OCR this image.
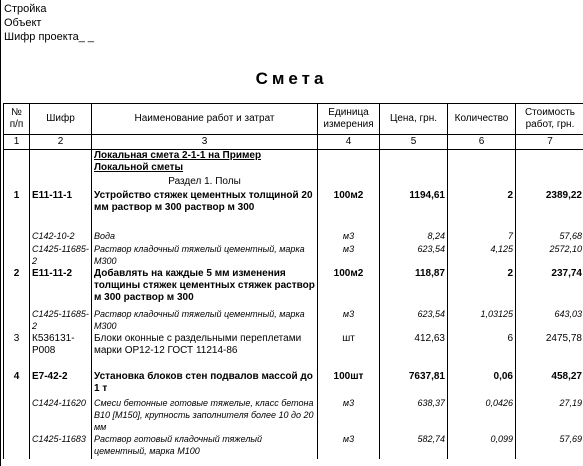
Стройка
Объект
Шифр проекта_ _
Смета
№ п/п	Шифр	Наименование работ и затрат	Единица измерения	Цена, грн.	Количество	Стоимость работ, грн.
1	2	3	4	5	6	7
		Локальная смета 2-1-1 на Пример Локальной сметы				
		Раздел 1. Полы				
1	Е11-11-1	Устройство стяжек цементных толщиной 20 мм раствор м 300 раствор м 300	100м2	1194,61	2	2389,22
	С142-10-2	Вода	м3	8,24	7	57,68
	С1425-11685-2	Раствор кладочный тяжелый цементный, марка М300	м3	623,54	4,125	2572,10
2	Е11-11-2	Добавлять на каждые 5 мм изменения толщины стяжек цементных стяжек раствор м 300 раствор м 300	100м2	118,87	2	237,74
	С1425-11685-2	Раствор кладочный тяжелый цементный, марка М300	м3	623,54	1,03125	643,03
3	К536131-Р008	Блоки оконные с раздельными переплетами марки ОР12-12 ГОСТ 11214-86	шт	412,63	6	2475,78
4	Е7-42-2	Установка блоков стен подвалов массой до 1 т	100шт	7637,81	0,06	458,27
	С1424-11620	Смеси бетонные готовые тяжелые, класс бетона В10 [М150], крупность заполнителя более 10 до 20 мм	м3	638,37	0,0426	27,19
	С1425-11683	Раствор готовый кладочный тяжелый цементный, марка М100	м3	582,74	0,099	57,69
